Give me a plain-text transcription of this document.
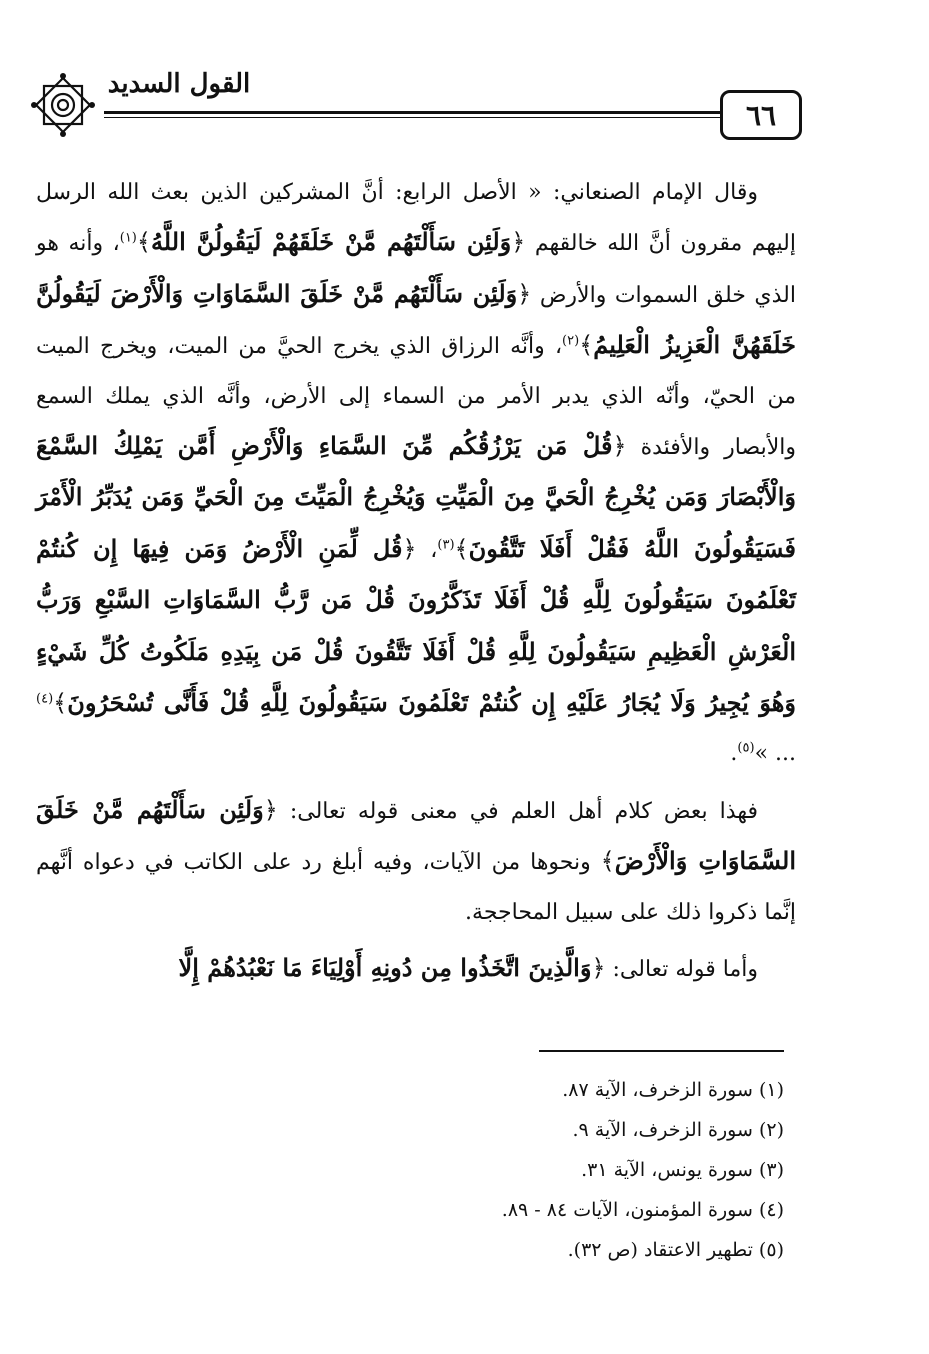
٦٦
القول السديد

وقال الإمام الصنعاني: « الأصل الرابع: أنَّ المشركين الذين بعث الله الرسل إليهم مقرون أنَّ الله خالقهم ﴿وَلَئِن سَأَلْتَهُم مَّنْ خَلَقَهُمْ لَيَقُولُنَّ اللَّهُ﴾$^{(١)}$، وأنه هو الذي خلق السموات والأرض ﴿وَلَئِن سَأَلْتَهُم مَّنْ خَلَقَ السَّمَاوَاتِ وَالْأَرْضَ لَيَقُولُنَّ خَلَقَهُنَّ الْعَزِيزُ الْعَلِيمُ﴾$^{(٢)}$، وأنَّه الرزاق الذي يخرج الحيَّ من الميت، ويخرج الميت من الحيّ، وأنّه الذي يدبر الأمر من السماء إلى الأرض، وأنَّه الذي يملك السمع والأبصار والأفئدة ﴿قُلْ مَن يَرْزُقُكُم مِّنَ السَّمَاءِ وَالْأَرْضِ أَمَّن يَمْلِكُ السَّمْعَ وَالْأَبْصَارَ وَمَن يُخْرِجُ الْحَيَّ مِنَ الْمَيِّتِ وَيُخْرِجُ الْمَيِّتَ مِنَ الْحَيِّ وَمَن يُدَبِّرُ الْأَمْرَ فَسَيَقُولُونَ اللَّهُ فَقُلْ أَفَلَا تَتَّقُونَ﴾$^{(٣)}$، ﴿قُل لِّمَنِ الْأَرْضُ وَمَن فِيهَا إِن كُنتُمْ تَعْلَمُونَ سَيَقُولُونَ لِلَّهِ قُلْ أَفَلَا تَذَكَّرُونَ قُلْ مَن رَّبُّ السَّمَاوَاتِ السَّبْعِ وَرَبُّ الْعَرْشِ الْعَظِيمِ سَيَقُولُونَ لِلَّهِ قُلْ أَفَلَا تَتَّقُونَ قُلْ مَن بِيَدِهِ مَلَكُوتُ كُلِّ شَيْءٍ وَهُوَ يُجِيرُ وَلَا يُجَارُ عَلَيْهِ إِن كُنتُمْ تَعْلَمُونَ سَيَقُولُونَ لِلَّهِ قُلْ فَأَنَّى تُسْحَرُونَ﴾$^{(٤)}$ ... »$^{(٥)}$.

فهذا بعض كلام أهل العلم في معنى قوله تعالى: ﴿وَلَئِن سَأَلْتَهُم مَّنْ خَلَقَ السَّمَاوَاتِ وَالْأَرْضَ﴾ ونحوها من الآيات، وفيه أبلغ رد على الكاتب في دعواه أنَّهم إنَّما ذكروا ذلك على سبيل المحاججة.

وأما قوله تعالى: ﴿وَالَّذِينَ اتَّخَذُوا مِن دُونِهِ أَوْلِيَاءَ مَا نَعْبُدُهُمْ إِلَّا

(١) سورة الزخرف، الآية ٨٧.
(٢) سورة الزخرف، الآية ٩.
(٣) سورة يونس، الآية ٣١.
(٤) سورة المؤمنون، الآيات ٨٤ - ٨٩.
(٥) تطهير الاعتقاد (ص ٣٢).
